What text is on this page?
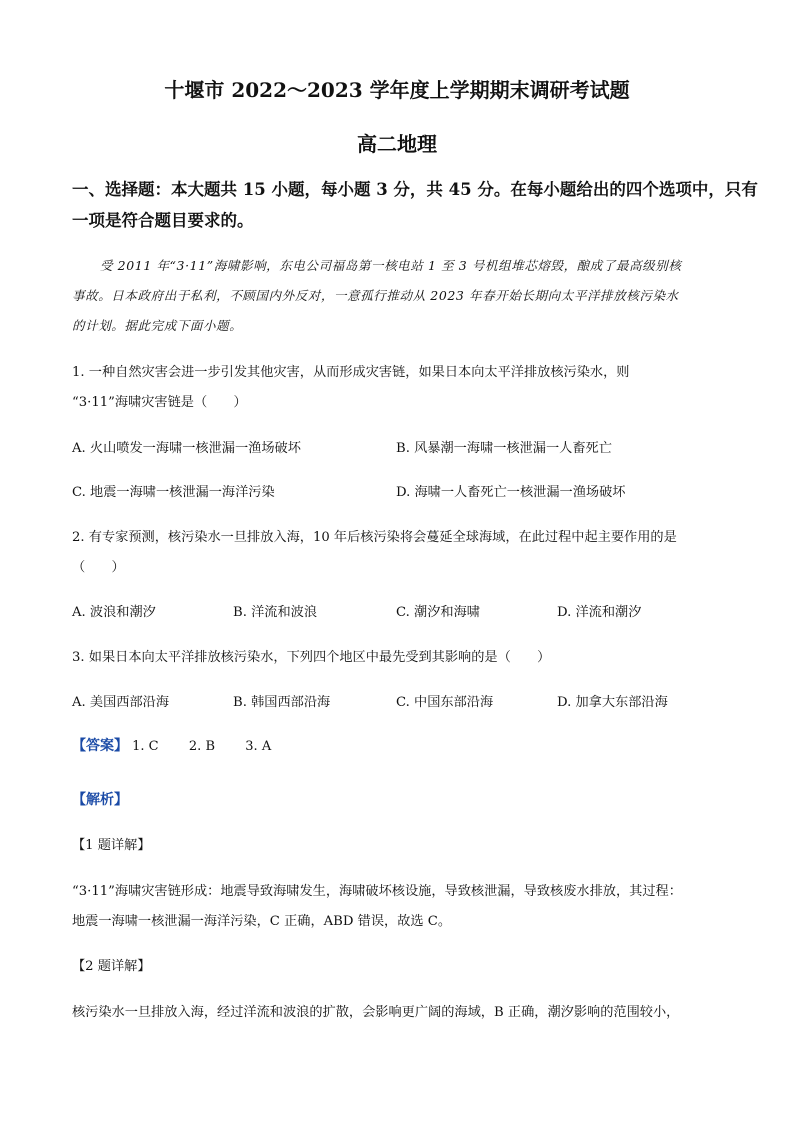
十堰市 2022～2023 学年度上学期期末调研考试题
高二地理
一、选择题：本大题共 15 小题，每小题 3 分，共 45 分。在每小题给出的四个选项中，只有
一项是符合题目要求的。
受 2011 年“3·11”海啸影响，东电公司福岛第一核电站 1 至 3 号机组堆芯熔毁，酿成了最高级别核
事故。日本政府出于私利，不顾国内外反对，一意孤行推动从 2023 年春开始长期向太平洋排放核污染水
的计划。据此完成下面小题。
1. 一种自然灾害会进一步引发其他灾害，从而形成灾害链，如果日本向太平洋排放核污染水，则
“3·11”海啸灾害链是（　　）
A. 火山喷发一海啸一核泄漏一渔场破坏	B. 风暴潮一海啸一核泄漏一人畜死亡
C. 地震一海啸一核泄漏一海洋污染	D. 海啸一人畜死亡一核泄漏一渔场破坏
2. 有专家预测，核污染水一旦排放入海，10 年后核污染将会蔓延全球海域，在此过程中起主要作用的是
（　　）
A. 波浪和潮汐	B. 洋流和波浪	C. 潮汐和海啸	D. 洋流和潮汐
3. 如果日本向太平洋排放核污染水，下列四个地区中最先受到其影响的是（　　）
A. 美国西部沿海	B. 韩国西部沿海	C. 中国东部沿海	D. 加拿大东部沿海
【答案】 1. C 2. B 3. A
【解析】
【1 题详解】
“3·11”海啸灾害链形成：地震导致海啸发生，海啸破坏核设施，导致核泄漏，导致核废水排放，其过程：
地震一海啸一核泄漏一海洋污染，C 正确，ABD 错误，故选 C。
【2 题详解】
核污染水一旦排放入海，经过洋流和波浪的扩散，会影响更广阔的海域，B 正确，潮汐影响的范围较小，
